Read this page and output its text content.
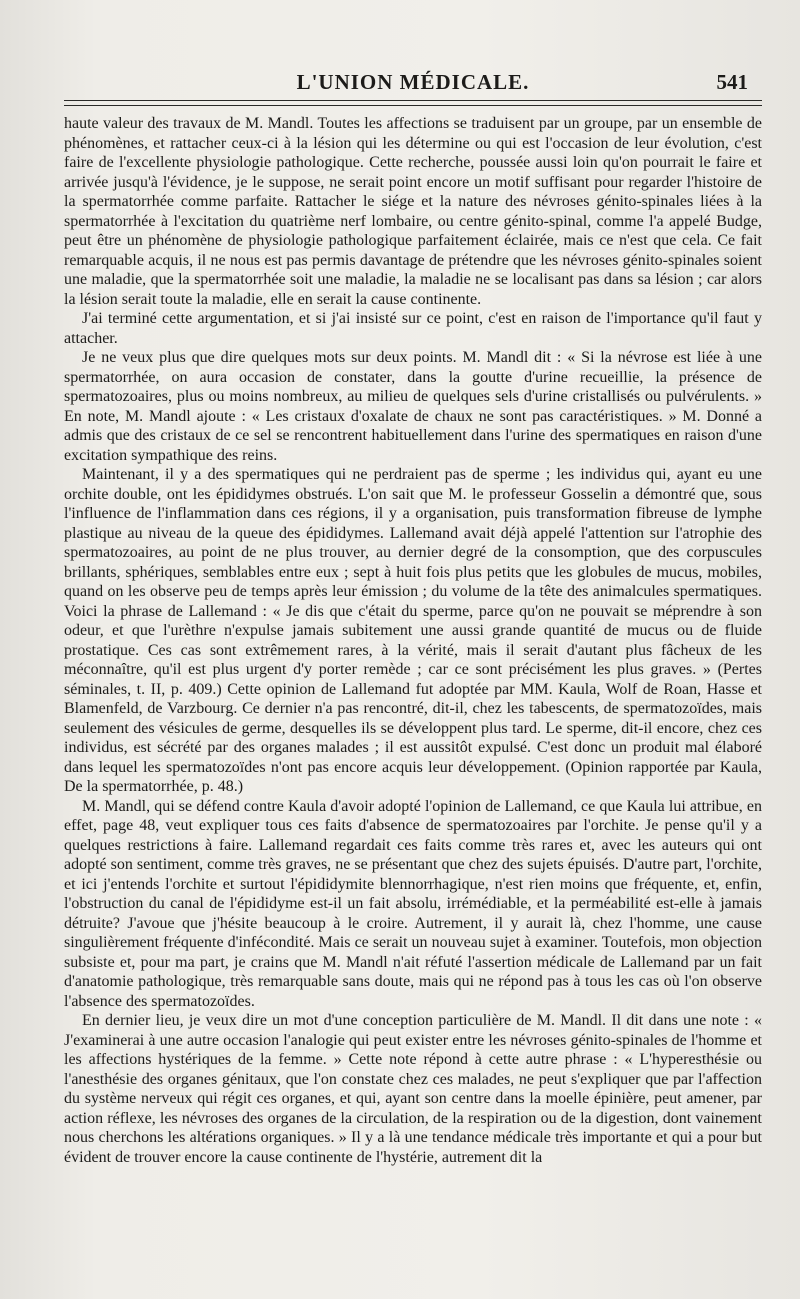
L'UNION MÉDICALE.	541

haute valeur des travaux de M. Mandl. Toutes les affections se traduisent par un groupe, par un ensemble de phénomènes, et rattacher ceux-ci à la lésion qui les détermine ou qui est l'occasion de leur évolution, c'est faire de l'excellente physiologie pathologique. Cette recherche, poussée aussi loin qu'on pourrait le faire et arrivée jusqu'à l'évidence, je le suppose, ne serait point encore un motif suffisant pour regarder l'histoire de la spermatorrhée comme parfaite. Rattacher le siége et la nature des névroses génito-spinales liées à la spermatorrhée à l'excitation du quatrième nerf lombaire, ou centre génito-spinal, comme l'a appelé Budge, peut être un phénomène de physiologie pathologique parfaitement éclairée, mais ce n'est que cela. Ce fait remarquable acquis, il ne nous est pas permis davantage de prétendre que les névroses génito-spinales soient une maladie, que la spermatorrhée soit une maladie, la maladie ne se localisant pas dans sa lésion ; car alors la lésion serait toute la maladie, elle en serait la cause continente.

J'ai terminé cette argumentation, et si j'ai insisté sur ce point, c'est en raison de l'importance qu'il faut y attacher.

Je ne veux plus que dire quelques mots sur deux points. M. Mandl dit : « Si la névrose est liée à une spermatorrhée, on aura occasion de constater, dans la goutte d'urine recueillie, la présence de spermatozoaires, plus ou moins nombreux, au milieu de quelques sels d'urine cristallisés ou pulvérulents. » En note, M. Mandl ajoute : « Les cristaux d'oxalate de chaux ne sont pas caractéristiques. » M. Donné a admis que des cristaux de ce sel se rencontrent habituellement dans l'urine des spermatiques en raison d'une excitation sympathique des reins.

Maintenant, il y a des spermatiques qui ne perdraient pas de sperme ; les individus qui, ayant eu une orchite double, ont les épididymes obstrués. L'on sait que M. le professeur Gosselin a démontré que, sous l'influence de l'inflammation dans ces régions, il y a organisation, puis transformation fibreuse de lymphe plastique au niveau de la queue des épididymes. Lallemand avait déjà appelé l'attention sur l'atrophie des spermatozoaires, au point de ne plus trouver, au dernier degré de la consomption, que des corpuscules brillants, sphériques, semblables entre eux ; sept à huit fois plus petits que les globules de mucus, mobiles, quand on les observe peu de temps après leur émission ; du volume de la tête des animalcules spermatiques. Voici la phrase de Lallemand : « Je dis que c'était du sperme, parce qu'on ne pouvait se méprendre à son odeur, et que l'urèthre n'expulse jamais subitement une aussi grande quantité de mucus ou de fluide prostatique. Ces cas sont extrêmement rares, à la vérité, mais il serait d'autant plus fâcheux de les méconnaître, qu'il est plus urgent d'y porter remède ; car ce sont précisément les plus graves. » (Pertes séminales, t. II, p. 409.) Cette opinion de Lallemand fut adoptée par MM. Kaula, Wolf de Roan, Hasse et Blamenfeld, de Varzbourg. Ce dernier n'a pas rencontré, dit-il, chez les tabescents, de spermatozoïdes, mais seulement des vésicules de germe, desquelles ils se développent plus tard. Le sperme, dit-il encore, chez ces individus, est sécrété par des organes malades ; il est aussitôt expulsé. C'est donc un produit mal élaboré dans lequel les spermatozoïdes n'ont pas encore acquis leur développement. (Opinion rapportée par Kaula, De la spermatorrhée, p. 48.)

M. Mandl, qui se défend contre Kaula d'avoir adopté l'opinion de Lallemand, ce que Kaula lui attribue, en effet, page 48, veut expliquer tous ces faits d'absence de spermatozoaires par l'orchite. Je pense qu'il y a quelques restrictions à faire. Lallemand regardait ces faits comme très rares et, avec les auteurs qui ont adopté son sentiment, comme très graves, ne se présentant que chez des sujets épuisés. D'autre part, l'orchite, et ici j'entends l'orchite et surtout l'épididymite blennorrhagique, n'est rien moins que fréquente, et, enfin, l'obstruction du canal de l'épididyme est-il un fait absolu, irrémédiable, et la perméabilité est-elle à jamais détruite? J'avoue que j'hésite beaucoup à le croire. Autrement, il y aurait là, chez l'homme, une cause singulièrement fréquente d'infécondité. Mais ce serait un nouveau sujet à examiner. Toutefois, mon objection subsiste et, pour ma part, je crains que M. Mandl n'ait réfuté l'assertion médicale de Lallemand par un fait d'anatomie pathologique, très remarquable sans doute, mais qui ne répond pas à tous les cas où l'on observe l'absence des spermatozoïdes.

En dernier lieu, je veux dire un mot d'une conception particulière de M. Mandl. Il dit dans une note : « J'examinerai à une autre occasion l'analogie qui peut exister entre les névroses génito-spinales de l'homme et les affections hystériques de la femme. » Cette note répond à cette autre phrase : « L'hyperesthésie ou l'anesthésie des organes génitaux, que l'on constate chez ces malades, ne peut s'expliquer que par l'affection du système nerveux qui régit ces organes, et qui, ayant son centre dans la moelle épinière, peut amener, par action réflexe, les névroses des organes de la circulation, de la respiration ou de la digestion, dont vainement nous cherchons les altérations organiques. » Il y a là une tendance médicale très importante et qui a pour but évident de trouver encore la cause continente de l'hystérie, autrement dit la
